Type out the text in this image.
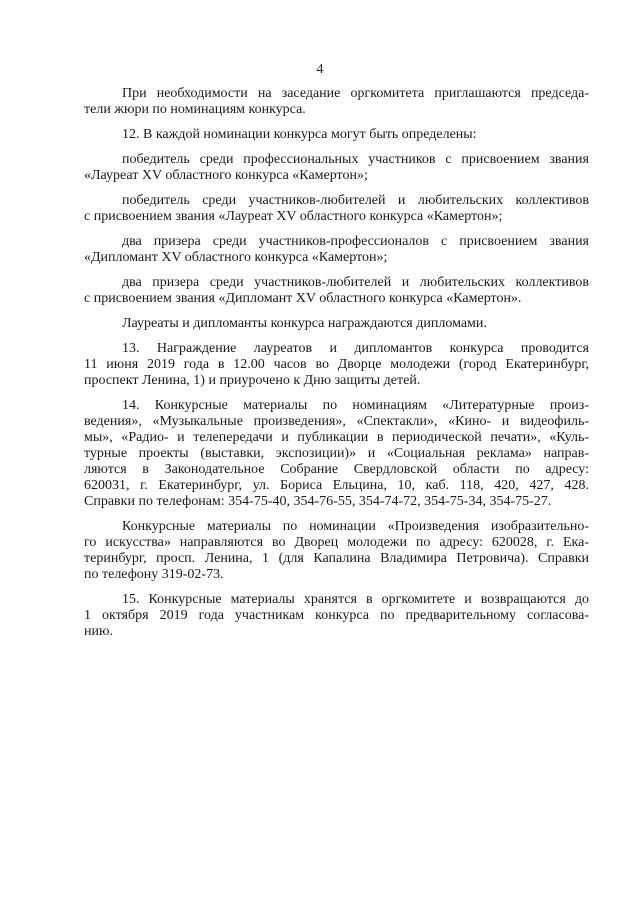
4
При необходимости на заседание оргкомитета приглашаются председа-
тели жюри по номинациям конкурса.
12. В каждой номинации конкурса могут быть определены:
победитель среди профессиональных участников с присвоением звания
«Лауреат XV областного конкурса «Камертон»;
победитель среди участников-любителей и любительских коллективов
с присвоением звания «Лауреат XV областного конкурса «Камертон»;
два призера среди участников-профессионалов с присвоением звания
«Дипломант XV областного конкурса «Камертон»;
два призера среди участников-любителей и любительских коллективов
с присвоением звания «Дипломант XV областного конкурса «Камертон».
Лауреаты и дипломанты конкурса награждаются дипломами.
13. Награждение лауреатов и дипломантов конкурса проводится
11 июня 2019 года в 12.00 часов во Дворце молодежи (город Екатеринбург,
проспект Ленина, 1) и приурочено к Дню защиты детей.
14. Конкурсные материалы по номинациям «Литературные произ-
ведения», «Музыкальные произведения», «Спектакли», «Кино- и видеофиль-
мы», «Радио- и телепередачи и публикации в периодической печати», «Куль-
турные проекты (выставки, экспозиции)» и «Социальная реклама» направ-
ляются в Законодательное Собрание Свердловской области по адресу:
620031, г. Екатеринбург, ул. Бориса Ельцина, 10, каб. 118, 420, 427, 428.
Справки по телефонам: 354-75-40, 354-76-55, 354-74-72, 354-75-34, 354-75-27.
Конкурсные материалы по номинации «Произведения изобразительно-
го искусства» направляются во Дворец молодежи по адресу: 620028, г. Ека-
теринбург, просп. Ленина, 1 (для Капалина Владимира Петровича). Справки
по телефону 319-02-73.
15. Конкурсные материалы хранятся в оргкомитете и возвращаются до
1 октября 2019 года участникам конкурса по предварительному согласова-
нию.
